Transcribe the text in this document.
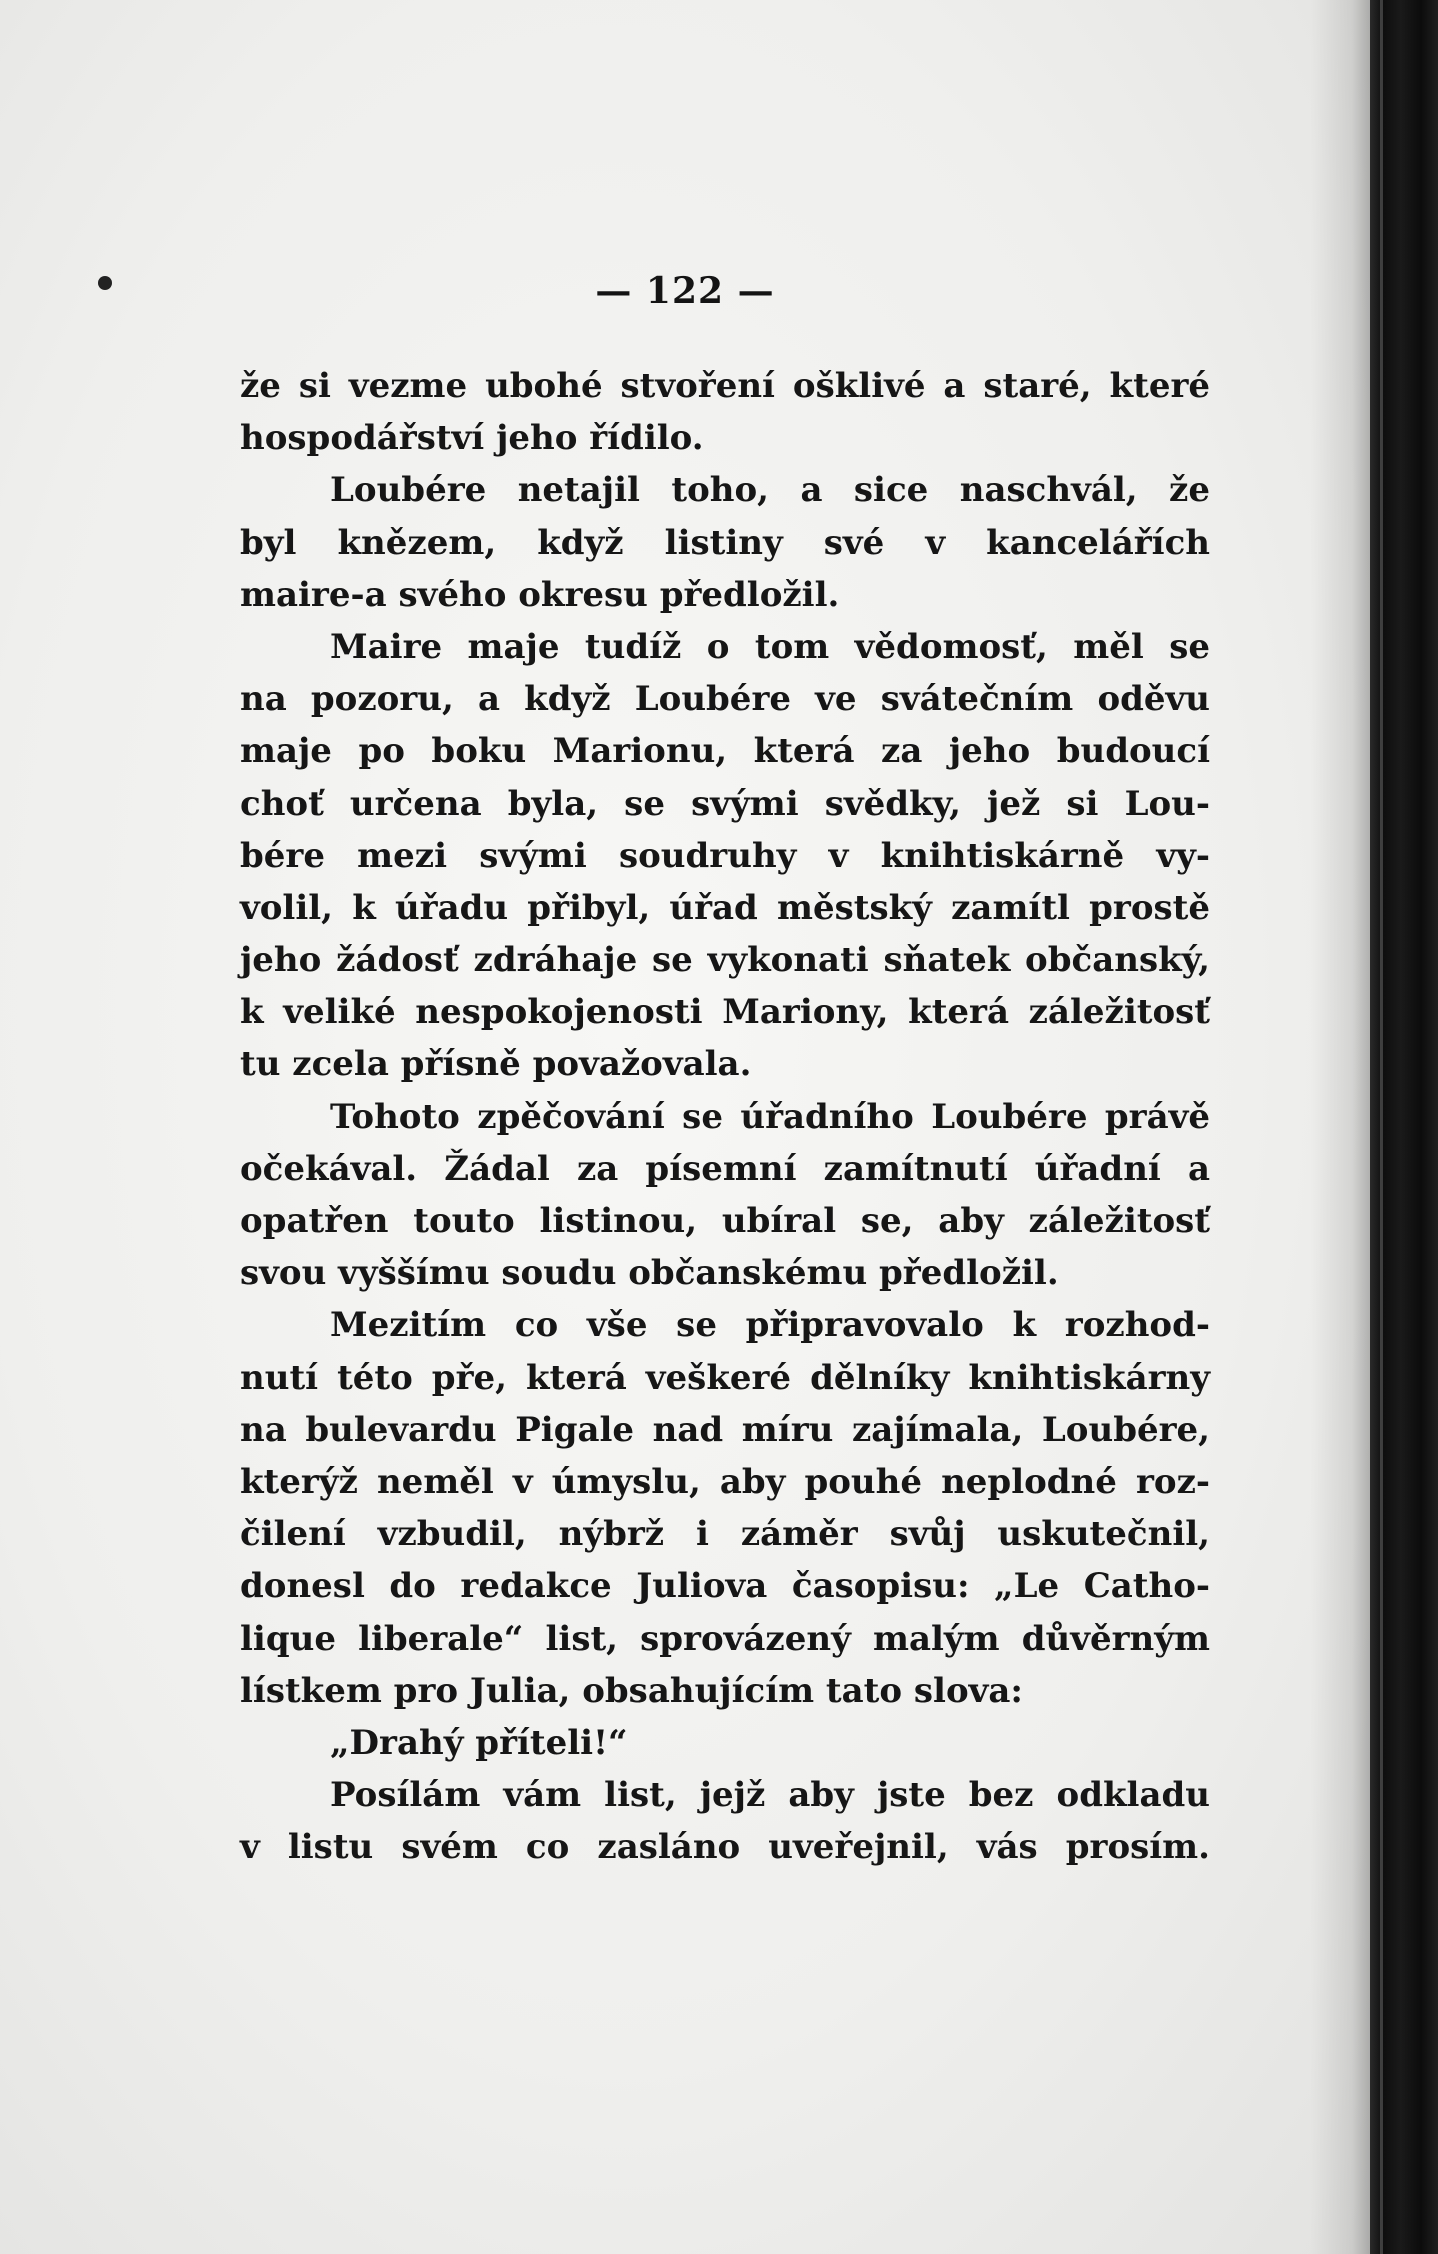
— 122 —
že si vezme ubohé stvoření ošklivé a staré, které
hospodářství jeho řídilo.
Loubére netajil toho, a sice naschvál, že
byl knězem, když listiny své v kancelářích
maire-a svého okresu předložil.
Maire maje tudíž o tom vědomosť, měl se
na pozoru, a když Loubére ve svátečním oděvu
maje po boku Marionu, která za jeho budoucí
choť určena byla, se svými svědky, jež si Lou-
bére mezi svými soudruhy v knihtiskárně vy-
volil, k úřadu přibyl, úřad městský zamítl prostě
jeho žádosť zdráhaje se vykonati sňatek občanský,
k veliké nespokojenosti Mariony, která záležitosť
tu zcela přísně považovala.
Tohoto zpěčování se úřadního Loubére právě
očekával. Žádal za písemní zamítnutí úřadní a
opatřen touto listinou, ubíral se, aby záležitosť
svou vyššímu soudu občanskému předložil.
Mezitím co vše se připravovalo k rozhod-
nutí této pře, která veškeré dělníky knihtiskárny
na bulevardu Pigale nad míru zajímala, Loubére,
kterýž neměl v úmyslu, aby pouhé neplodné roz-
čilení vzbudil, nýbrž i záměr svůj uskutečnil,
donesl do redakce Juliova časopisu: „Le Catho-
lique liberale“ list, sprovázený malým důvěrným
lístkem pro Julia, obsahujícím tato slova:
„Drahý příteli!“
Posílám vám list, jejž aby jste bez odkladu
v listu svém co zasláno uveřejnil, vás prosím.
